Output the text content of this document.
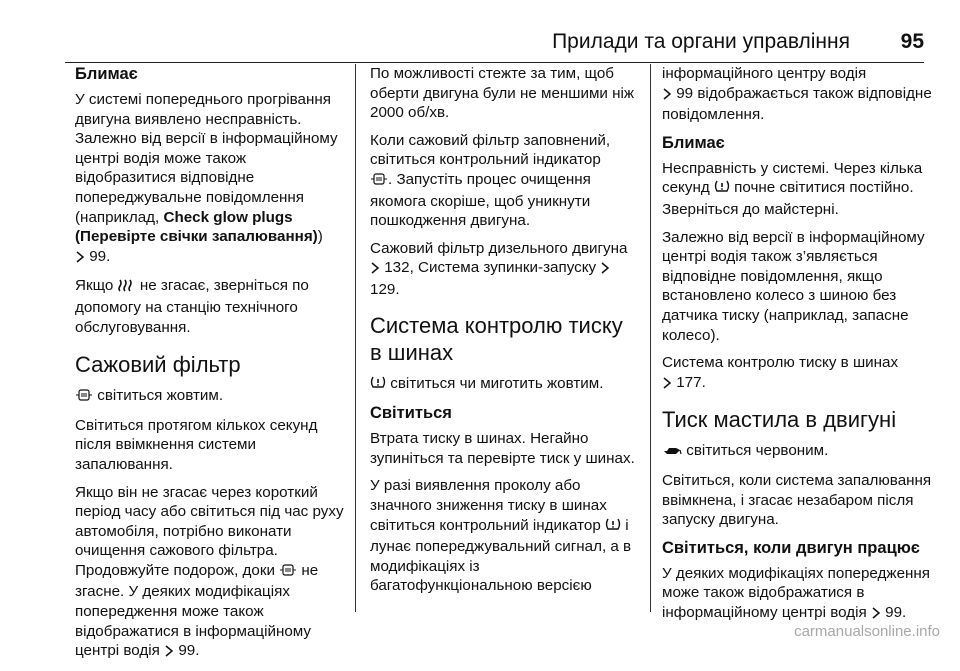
Прилади та органи управління 95
Блимає

У системі попереднього прогрівання двигуна виявлено несправність. Залежно від версії в інформаційному центрі водія може також відобразитися відповідне попереджувальне повідомлення (наприклад, Check glow plugs (Перевірте свічки запалювання))
99.

Якщо не згасає, зверніться по допомогу на станцію технічного обслуговування.

Сажовий фільтр

світиться жовтим.

Світиться протягом кількох секунд після ввімкнення системи запалювання.

Якщо він не згасає через короткий період часу або світиться під час руху автомобіля, потрібно виконати очищення сажового фільтра. Продовжуйте подорож, доки не згасне. У деяких модифікаціях попередження може також відображатися в інформаційному центрі водія 99.

По можливості стежте за тим, щоб оберти двигуна були не меншими ніж 2000 об/хв.

Коли сажовий фільтр заповнений, світиться контрольний індикатор
. Запустіть процес очищення якомога скоріше, щоб уникнути пошкодження двигуна.

Сажовий фільтр дизельного двигуна  132, Система зупинки-запуску  129.

Система контролю тиску в шинах

світиться чи миготить жовтим.

Світиться

Втрата тиску в шинах. Негайно зупиніться та перевірте тиск у шинах.

У разі виявлення проколу або значного зниження тиску в шинах світиться контрольний індикатор і лунає попереджувальний сигнал, а в модифікаціях із багатофункціональною версією

інформаційного центру водія
99 відображається також відповідне повідомлення.

Блимає

Несправність у системі. Через кілька секунд почне світитися постійно. Зверніться до майстерні.

Залежно від версії в інформаційному центрі водія також з’являється відповідне повідомлення, якщо встановлено колесо з шиною без датчика тиску (наприклад, запасне колесо).

Система контролю тиску в шинах
177.

Тиск мастила в двигуні

світиться червоним.

Світиться, коли система запалювання ввімкнена, і згасає незабаром після запуску двигуна.

Світиться, коли двигун працює

У деяких модифікаціях попередження може також відображатися в інформаційному центрі водія 99.

carmanualsonline.info
